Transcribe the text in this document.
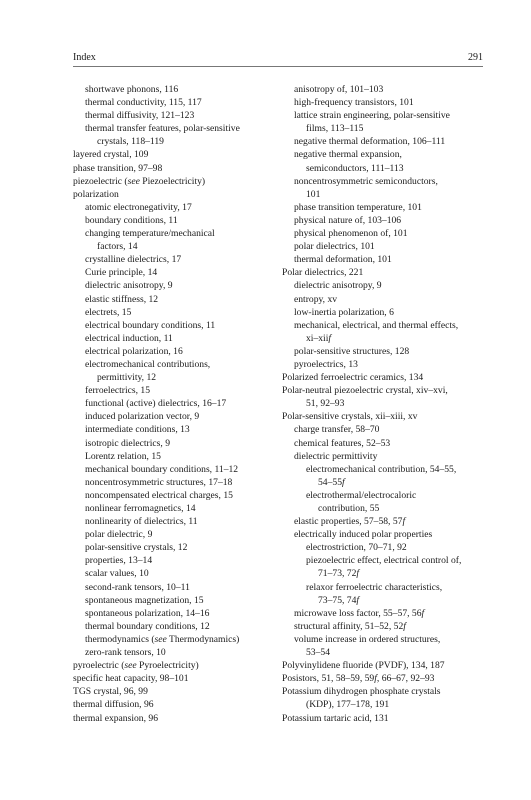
Index	291
shortwave phonons, 116
thermal conductivity, 115, 117
thermal diffusivity, 121–123
thermal transfer features, polar-sensitive
crystals, 118–119
layered crystal, 109
phase transition, 97–98
piezoelectric (see Piezoelectricity)
polarization
atomic electronegativity, 17
boundary conditions, 11
changing temperature/mechanical
factors, 14
crystalline dielectrics, 17
Curie principle, 14
dielectric anisotropy, 9
elastic stiffness, 12
electrets, 15
electrical boundary conditions, 11
electrical induction, 11
electrical polarization, 16
electromechanical contributions,
permittivity, 12
ferroelectrics, 15
functional (active) dielectrics, 16–17
induced polarization vector, 9
intermediate conditions, 13
isotropic dielectrics, 9
Lorentz relation, 15
mechanical boundary conditions, 11–12
noncentrosymmetric structures, 17–18
noncompensated electrical charges, 15
nonlinear ferromagnetics, 14
nonlinearity of dielectrics, 11
polar dielectric, 9
polar-sensitive crystals, 12
properties, 13–14
scalar values, 10
second-rank tensors, 10–11
spontaneous magnetization, 15
spontaneous polarization, 14–16
thermal boundary conditions, 12
thermodynamics (see Thermodynamics)
zero-rank tensors, 10
pyroelectric (see Pyroelectricity)
specific heat capacity, 98–101
TGS crystal, 96, 99
thermal diffusion, 96
thermal expansion, 96
anisotropy of, 101–103
high-frequency transistors, 101
lattice strain engineering, polar-sensitive
films, 113–115
negative thermal deformation, 106–111
negative thermal expansion,
semiconductors, 111–113
noncentrosymmetric semiconductors,
101
phase transition temperature, 101
physical nature of, 103–106
physical phenomenon of, 101
polar dielectrics, 101
thermal deformation, 101
Polar dielectrics, 221
dielectric anisotropy, 9
entropy, xv
low-inertia polarization, 6
mechanical, electrical, and thermal effects,
xi–xiif
polar-sensitive structures, 128
pyroelectrics, 13
Polarized ferroelectric ceramics, 134
Polar-neutral piezoelectric crystal, xiv–xvi,
51, 92–93
Polar-sensitive crystals, xii–xiii, xv
charge transfer, 58–70
chemical features, 52–53
dielectric permittivity
electromechanical contribution, 54–55,
54–55f
electrothermal/electrocaloric
contribution, 55
elastic properties, 57–58, 57f
electrically induced polar properties
electrostriction, 70–71, 92
piezoelectric effect, electrical control of,
71–73, 72f
relaxor ferroelectric characteristics,
73–75, 74f
microwave loss factor, 55–57, 56f
structural affinity, 51–52, 52f
volume increase in ordered structures,
53–54
Polyvinylidene fluoride (PVDF), 134, 187
Posistors, 51, 58–59, 59f, 66–67, 92–93
Potassium dihydrogen phosphate crystals
(KDP), 177–178, 191
Potassium tartaric acid, 131
